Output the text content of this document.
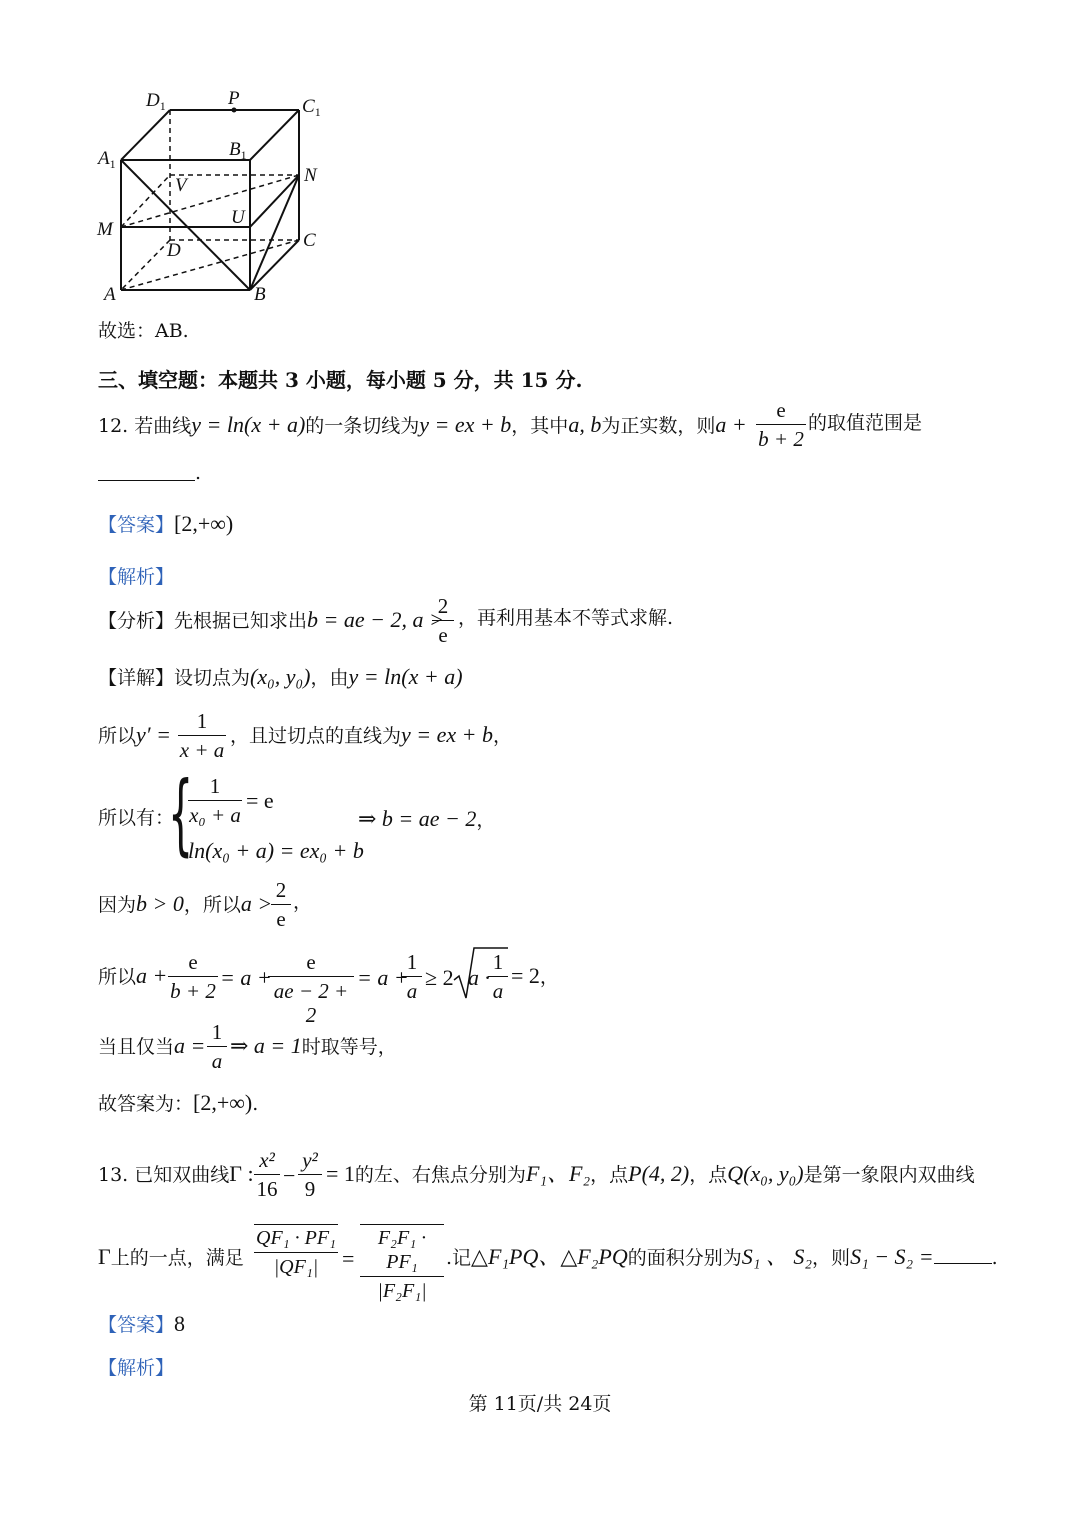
$D_1$	P	$C_1$
$A_1$
$B_1$
N
V
U
M
D	C
A	B
故选：AB.
三、填空题：本题共 3 小题，每小题 5 分，共 15 分.
12. 若曲线y = ln(x + a)的一条切线为y = ex + b，其中a, b为正实数，则a +
e
b + 2
的取值范围是
.
【答案】[2,+∞)
【解析】
【分析】先根据已知求出b = ae − 2, a >
2
e
，再利用基本不等式求解.
【详解】设切点为(x₀, y₀)，由y = ln(x + a)
所以y′ =
1
x + a
，且过切点的直线为y = ex + b，
所以有：
{ 1
x₀ + a
= e
ln(x₀ + a) = ex₀ + b
⇒ b = ae − 2，
因为b > 0，所以a >
2
e
，
所以a +
e
b + 2
= a +
e
ae − 2 + 2
= a +
1
a
≥ 2 a ·
1
a
= 2，
当且仅当a =
1
a
⇒ a = 1时取等号，
故答案为：[2,+∞).
13. 已知双曲线Γ :
x²
16
−
y²
9
= 1的左、右焦点分别为F₁、F₂，点P(4, 2)，点Q(x₀, y₀)是第一象限内双曲线
Γ上的一点，满足
QF₁ · PF₁
|QF₁|	=
F₂F₁ · PF₁
|F₂F₁|
.记△F₁PQ、△F₂PQ的面积分别为S₁ 、 S₂，则S₁ − S₂ =	.
【答案】8
【解析】
第 11页/共 24页
